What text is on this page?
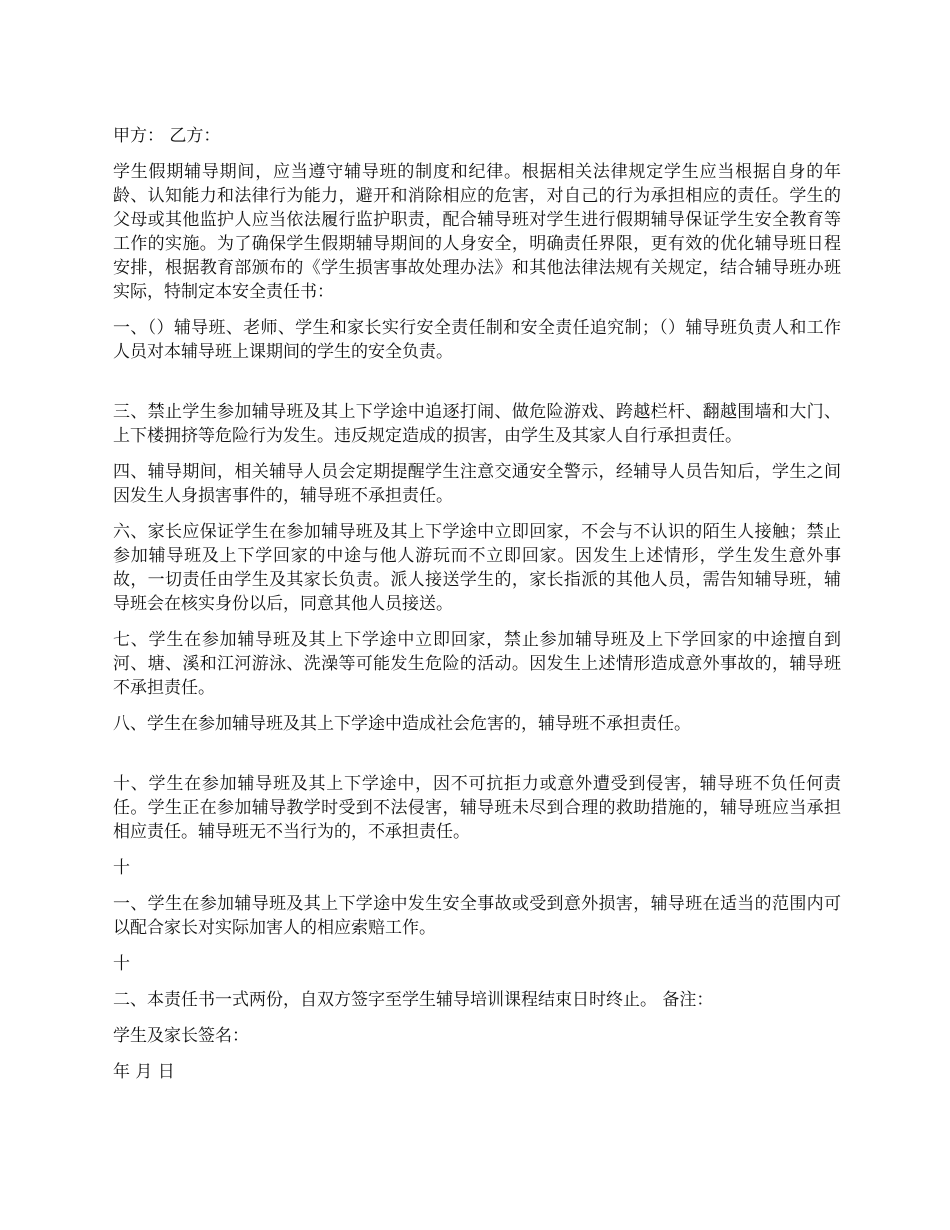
甲方： 乙方：

学生假期辅导期间，应当遵守辅导班的制度和纪律。根据相关法律规定学生应当根据自身的年龄、认知能力和法律行为能力，避开和消除相应的危害，对自己的行为承担相应的责任。学生的父母或其他监护人应当依法履行监护职责，配合辅导班对学生进行假期辅导保证学生安全教育等工作的实施。为了确保学生假期辅导期间的人身安全，明确责任界限，更有效的优化辅导班日程安排，根据教育部颁布的《学生损害事故处理办法》和其他法律法规有关规定，结合辅导班办班实际，特制定本安全责任书：

一、（）辅导班、老师、学生和家长实行安全责任制和安全责任追究制；（）辅导班负责人和工作人员对本辅导班上课期间的学生的安全负责。

三、禁止学生参加辅导班及其上下学途中追逐打闹、做危险游戏、跨越栏杆、翻越围墙和大门、上下楼拥挤等危险行为发生。违反规定造成的损害，由学生及其家人自行承担责任。

四、辅导期间，相关辅导人员会定期提醒学生注意交通安全警示，经辅导人员告知后，学生之间因发生人身损害事件的，辅导班不承担责任。

六、家长应保证学生在参加辅导班及其上下学途中立即回家，不会与不认识的陌生人接触；禁止参加辅导班及上下学回家的中途与他人游玩而不立即回家。因发生上述情形，学生发生意外事故，一切责任由学生及其家长负责。派人接送学生的，家长指派的其他人员，需告知辅导班，辅导班会在核实身份以后，同意其他人员接送。

七、学生在参加辅导班及其上下学途中立即回家，禁止参加辅导班及上下学回家的中途擅自到河、塘、溪和江河游泳、洗澡等可能发生危险的活动。因发生上述情形造成意外事故的，辅导班不承担责任。

八、学生在参加辅导班及其上下学途中造成社会危害的，辅导班不承担责任。

十、学生在参加辅导班及其上下学途中，因不可抗拒力或意外遭受到侵害，辅导班不负任何责任。学生正在参加辅导教学时受到不法侵害，辅导班未尽到合理的救助措施的，辅导班应当承担相应责任。辅导班无不当行为的，不承担责任。

十

一、学生在参加辅导班及其上下学途中发生安全事故或受到意外损害，辅导班在适当的范围内可以配合家长对实际加害人的相应索赔工作。

十

二、本责任书一式两份，自双方签字至学生辅导培训课程结束日时终止。 备注：

学生及家长签名：

年 月 日
